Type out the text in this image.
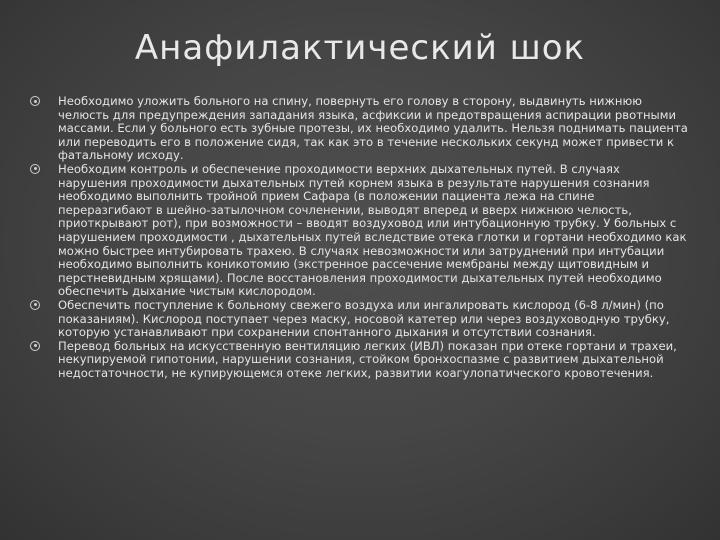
Анафилактический шок
Необходимо уложить больного на спину, повернуть его голову в сторону, выдвинуть нижнюю челюсть для предупреждения западания языка, асфиксии и предотвращения аспирации рвотными массами. Если у больного есть зубные протезы, их необходимо удалить. Нельзя поднимать пациента или переводить его в положение сидя, так как это в течение нескольких секунд может привести к фатальному исходу.
Необходим контроль и обеспечение проходимости верхних дыхательных путей. В случаях нарушения проходимости дыхательных путей корнем языка в результате нарушения сознания необходимо выполнить тройной прием Сафара (в положении пациента лежа на спине переразгибают в шейно-затылочном сочленении, выводят вперед и вверх нижнюю челюсть, приоткрывают рот), при возможности – вводят воздуховод или интубационную трубку. У больных с нарушением проходимости , дыхательных путей вследствие отека глотки и гортани необходимо как можно быстрее интубировать трахею. В случаях невозможности или затруднений при интубации необходимо выполнить коникотомию (экстренное рассечение мембраны между щитовидным и перстневидным хрящами). После восстановления проходимости дыхательных путей необходимо обеспечить дыхание чистым кислородом.
Обеспечить поступление к больному свежего воздуха или ингалировать кислород (6-8 л/мин) (по показаниям). Кислород поступает через маску, носовой катетер или через воздуховодную трубку, которую устанавливают при сохранении спонтанного дыхания и отсутствии сознания.
Перевод больных на искусственную вентиляцию легких (ИВЛ) показан при отеке гортани и трахеи, некупируемой гипотонии, нарушении сознания, стойком бронхоспазме с развитием дыхательной недостаточности, не купирующемся отеке легких, развитии коагулопатического кровотечения.
